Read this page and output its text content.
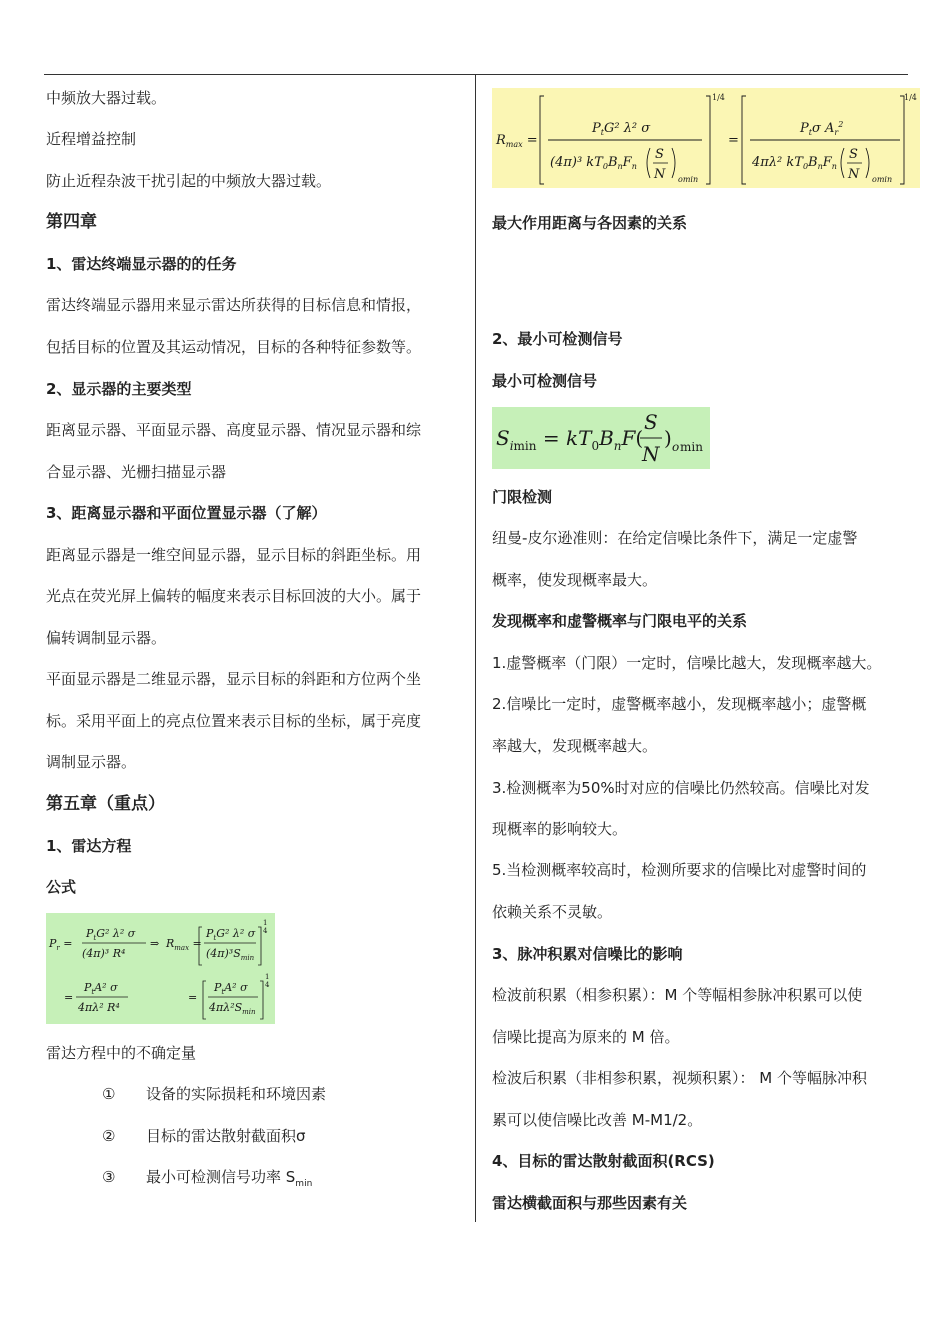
中频放大器过载。
近程增益控制
防止近程杂波干扰引起的中频放大器过载。
第四章
1、雷达终端显示器的的任务
雷达终端显示器用来显示雷达所获得的目标信息和情报，
包括目标的位置及其运动情况，目标的各种特征参数等。
2、显示器的主要类型
距离显示器、平面显示器、高度显示器、情况显示器和综
合显示器、光栅扫描显示器
3、距离显示器和平面位置显示器（了解）
距离显示器是一维空间显示器，显示目标的斜距坐标。用
光点在荧光屏上偏转的幅度来表示目标回波的大小。属于
偏转调制显示器。
平面显示器是二维显示器，显示目标的斜距和方位两个坐
标。采用平面上的亮点位置来表示目标的坐标，属于亮度
调制显示器。
第五章（重点）
1、雷达方程
公式
$P_r$ =
$P_tG^2$ λ² σ
(4π)³ R⁴
⇒ $R_{max}$ =
$P_tG^2$ λ² σ
$(4\pi)^3S_{min}$
1
4
=
$P_tA^2$ σ
4πλ² R⁴
=
$P_tA^2$ σ
$4\pi\lambda^2S_{min}$
1
4
雷达方程中的不确定量
① 设备的实际损耗和环境因素
② 目标的雷达散射截面积σ
③ 最小可检测信号功率 $S_{min}$
$R_{max}$ =
$P_tG^2$ λ² σ
(4π)³ $kT_0B_nF_n$
S
N omin
1/4
=
$P_t\sigma$ $A_r^2$
4πλ² $kT_0B_nF_n$
S
N omin
1/4
最大作用距离与各因素的关系
2、最小可检测信号
最小可检测信号
$S_i\min = kT_0B_nF$(
S
N
) o min
门限检测
纽曼-皮尔逊准则：在给定信噪比条件下，满足一定虚警
概率，使发现概率最大。
发现概率和虚警概率与门限电平的关系
1.虚警概率（门限）一定时，信噪比越大，发现概率越大。
2.信噪比一定时，虚警概率越小，发现概率越小；虚警概
率越大，发现概率越大。
3.检测概率为50%时对应的信噪比仍然较高。信噪比对发
现概率的影响较大。
5.当检测概率较高时，检测所要求的信噪比对虚警时间的
依赖关系不灵敏。
3、脉冲积累对信噪比的影响
检波前积累（相参积累）：M 个等幅相参脉冲积累可以使
信噪比提高为原来的 M 倍。
检波后积累（非相参积累，视频积累）： M 个等幅脉冲积
累可以使信噪比改善 M-M1/2。
4、目标的雷达散射截面积(RCS)
雷达横截面积与那些因素有关
